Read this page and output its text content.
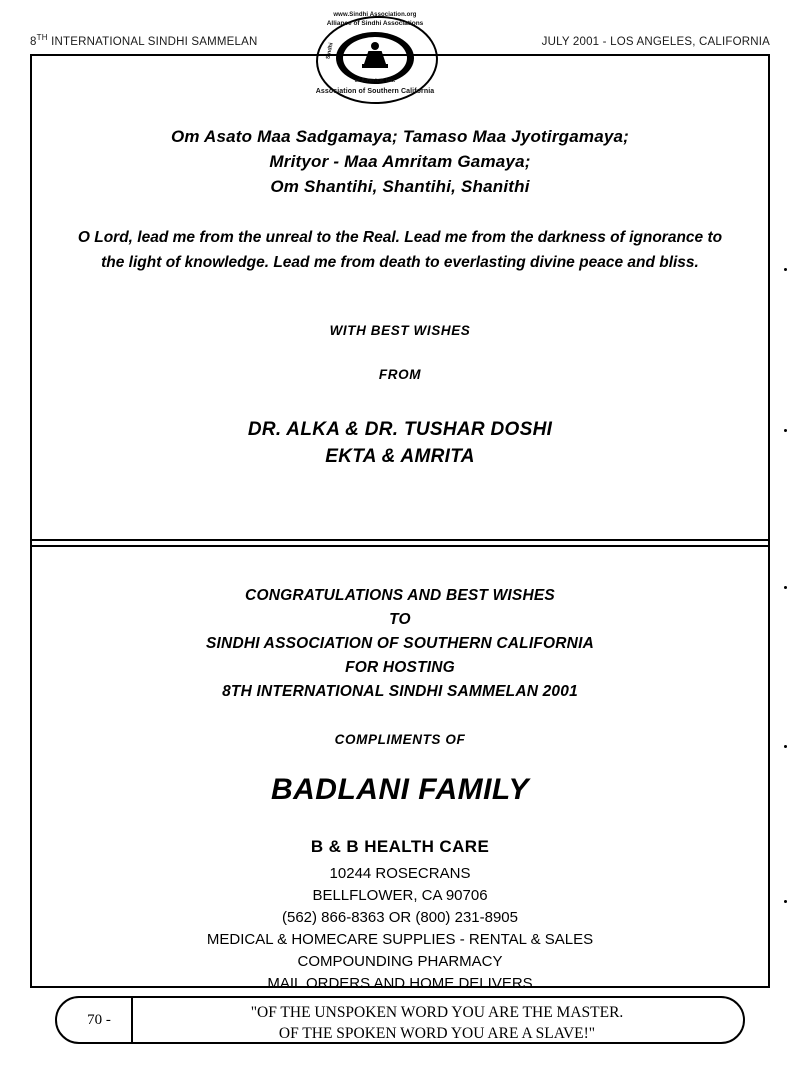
8TH INTERNATIONAL SINDHI SAMMELAN	JULY 2001 - LOS ANGELES, CALIFORNIA
www.Sindhi Association.org
Alliance of Sindhi Associations
of America, Inc.
Association of Southern California
Sindhi
Om Asato Maa Sadgamaya; Tamaso Maa Jyotirgamaya;
Mrityor - Maa Amritam Gamaya;
Om Shantihi, Shantihi, Shanithi
O Lord, lead me from the unreal to the Real. Lead me from the darkness of ignorance to the light of knowledge. Lead me from death to everlasting divine peace and bliss.
WITH BEST WISHES
FROM
DR. ALKA & DR. TUSHAR DOSHI
EKTA & AMRITA
CONGRATULATIONS AND BEST WISHES
TO
SINDHI ASSOCIATION OF SOUTHERN CALIFORNIA
FOR HOSTING
8TH INTERNATIONAL SINDHI SAMMELAN 2001
COMPLIMENTS OF
BADLANI FAMILY
B & B HEALTH CARE
10244 ROSECRANS
BELLFLOWER, CA 90706
(562) 866-8363 OR (800) 231-8905
MEDICAL & HOMECARE SUPPLIES - RENTAL & SALES
COMPOUNDING PHARMACY
MAIL ORDERS AND HOME DELIVERS
70 -	"OF THE UNSPOKEN WORD YOU ARE THE MASTER.
OF THE SPOKEN WORD YOU ARE A SLAVE!"
